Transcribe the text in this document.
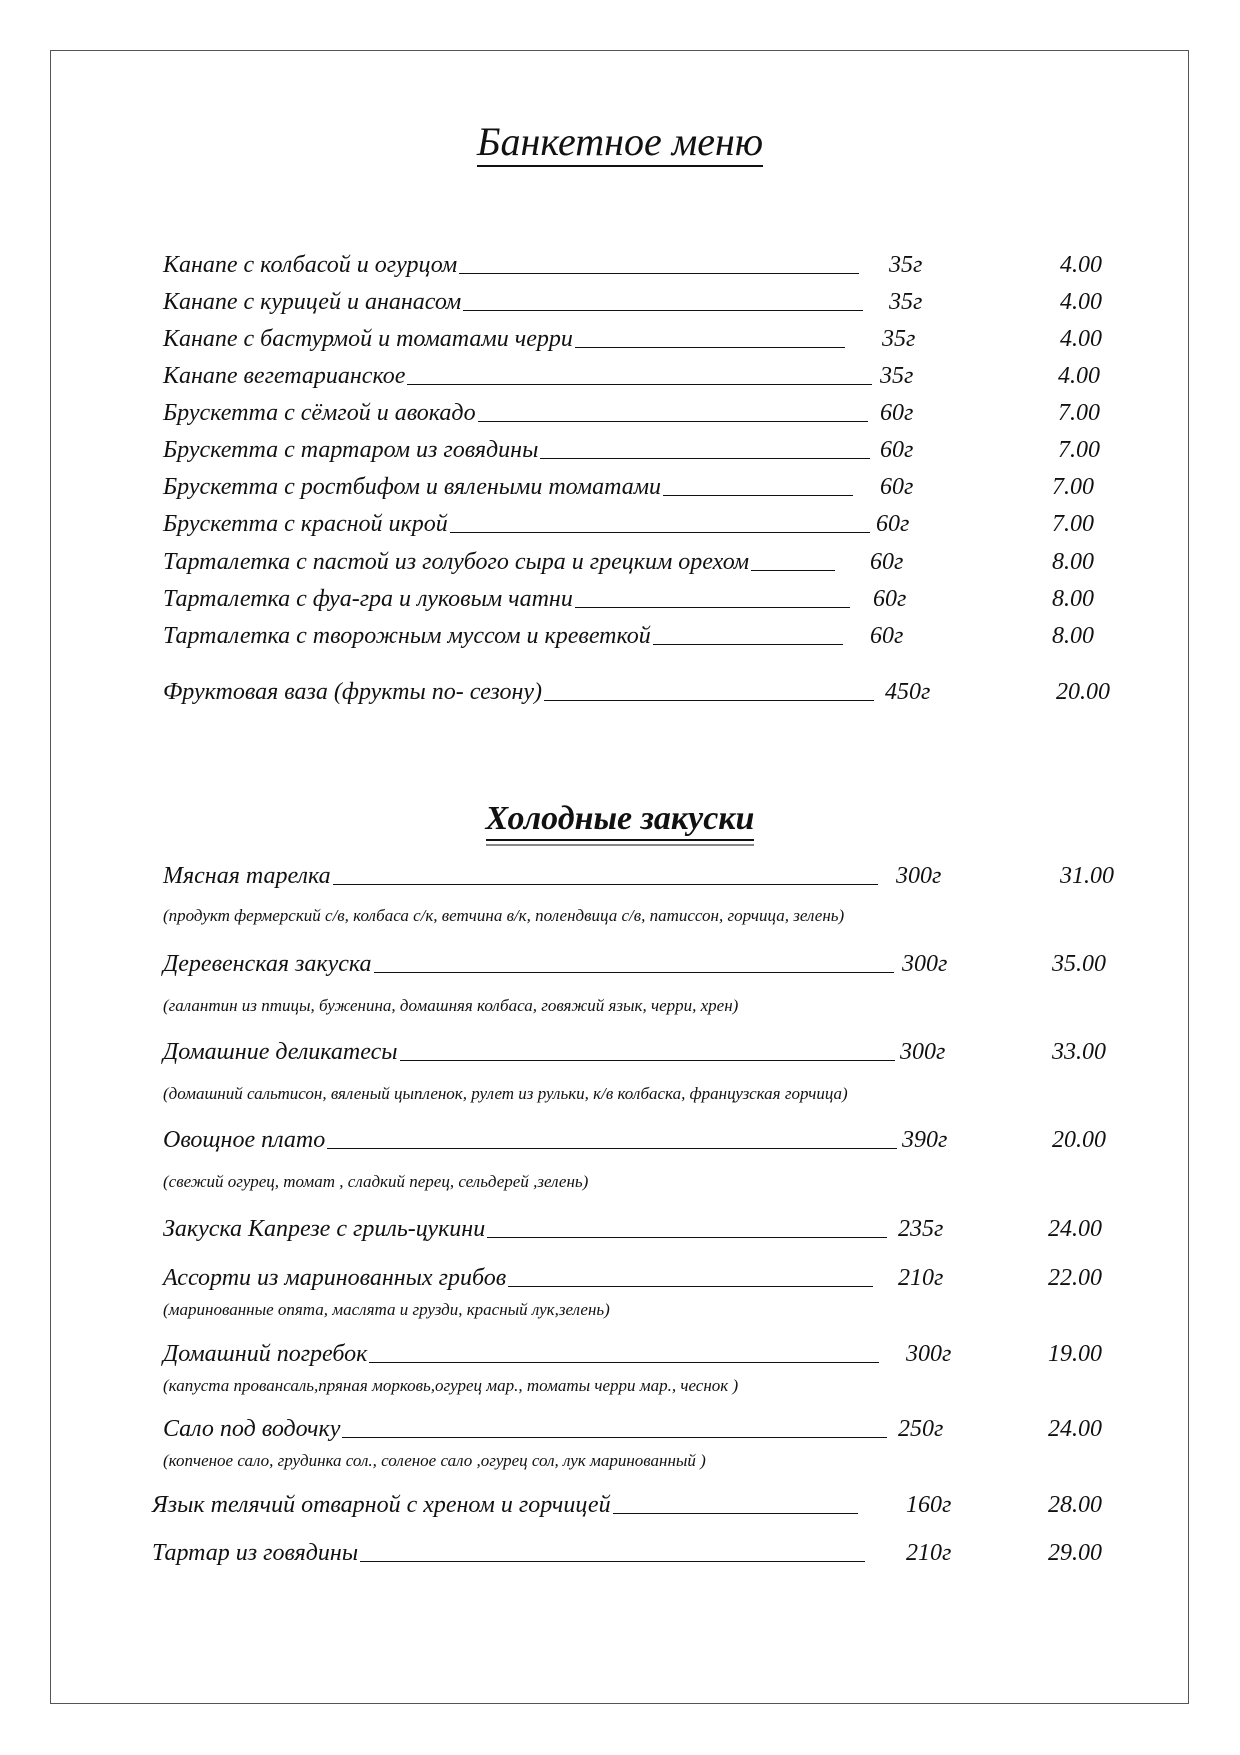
Банкетное меню
Холодные закуски
Канапе с колбасой и огурцом	35г	4.00
Канапе с курицей и ананасом	35г	4.00
Канапе с бастурмой и томатами черри	35г	4.00
Канапе вегетарианское	35г	4.00
Брускетта с сёмгой и авокадо	60г	7.00
Брускетта с тартаром из говядины	60г	7.00
Брускетта с ростбифом и вялеными томатами	60г	7.00
Брускетта с красной икрой	60г	7.00
Тарталетка с пастой из голубого сыра и грецким орехом	60г	8.00
Тарталетка с фуа-гра и луковым чатни	60г	8.00
Тарталетка с творожным муссом и креветкой	60г	8.00
Фруктовая ваза (фрукты по- сезону)	450г	20.00
Мясная тарелка	300г	31.00
(продукт фермерский с/в, колбаса с/к, ветчина в/к, полендвица с/в, патиссон, горчица, зелень)
Деревенская закуска	300г	35.00
(галантин из птицы, буженина, домашняя колбаса, говяжий язык, черри, хрен)
Домашние деликатесы	300г	33.00
(домашний сальтисон, вяленый цыпленок, рулет из рульки, к/в колбаска, французская горчица)
Овощное плато	390г	20.00
(свежий огурец, томат , сладкий перец, сельдерей ,зелень)
Закуска Капрезе с гриль-цукини	235г	24.00
Ассорти из маринованных грибов	210г	22.00
(маринованные опята, маслята и грузди, красный лук,зелень)
Домашний погребок	300г	19.00
(капуста провансаль,пряная морковь,огурец мар., томаты черри мар., чеснок )
Сало под водочку	250г	24.00
(копченое сало, грудинка сол., соленое сало ,огурец сол, лук маринованный )
Язык телячий отварной с хреном и горчицей	160г	28.00
Тартар из говядины	210г	29.00
